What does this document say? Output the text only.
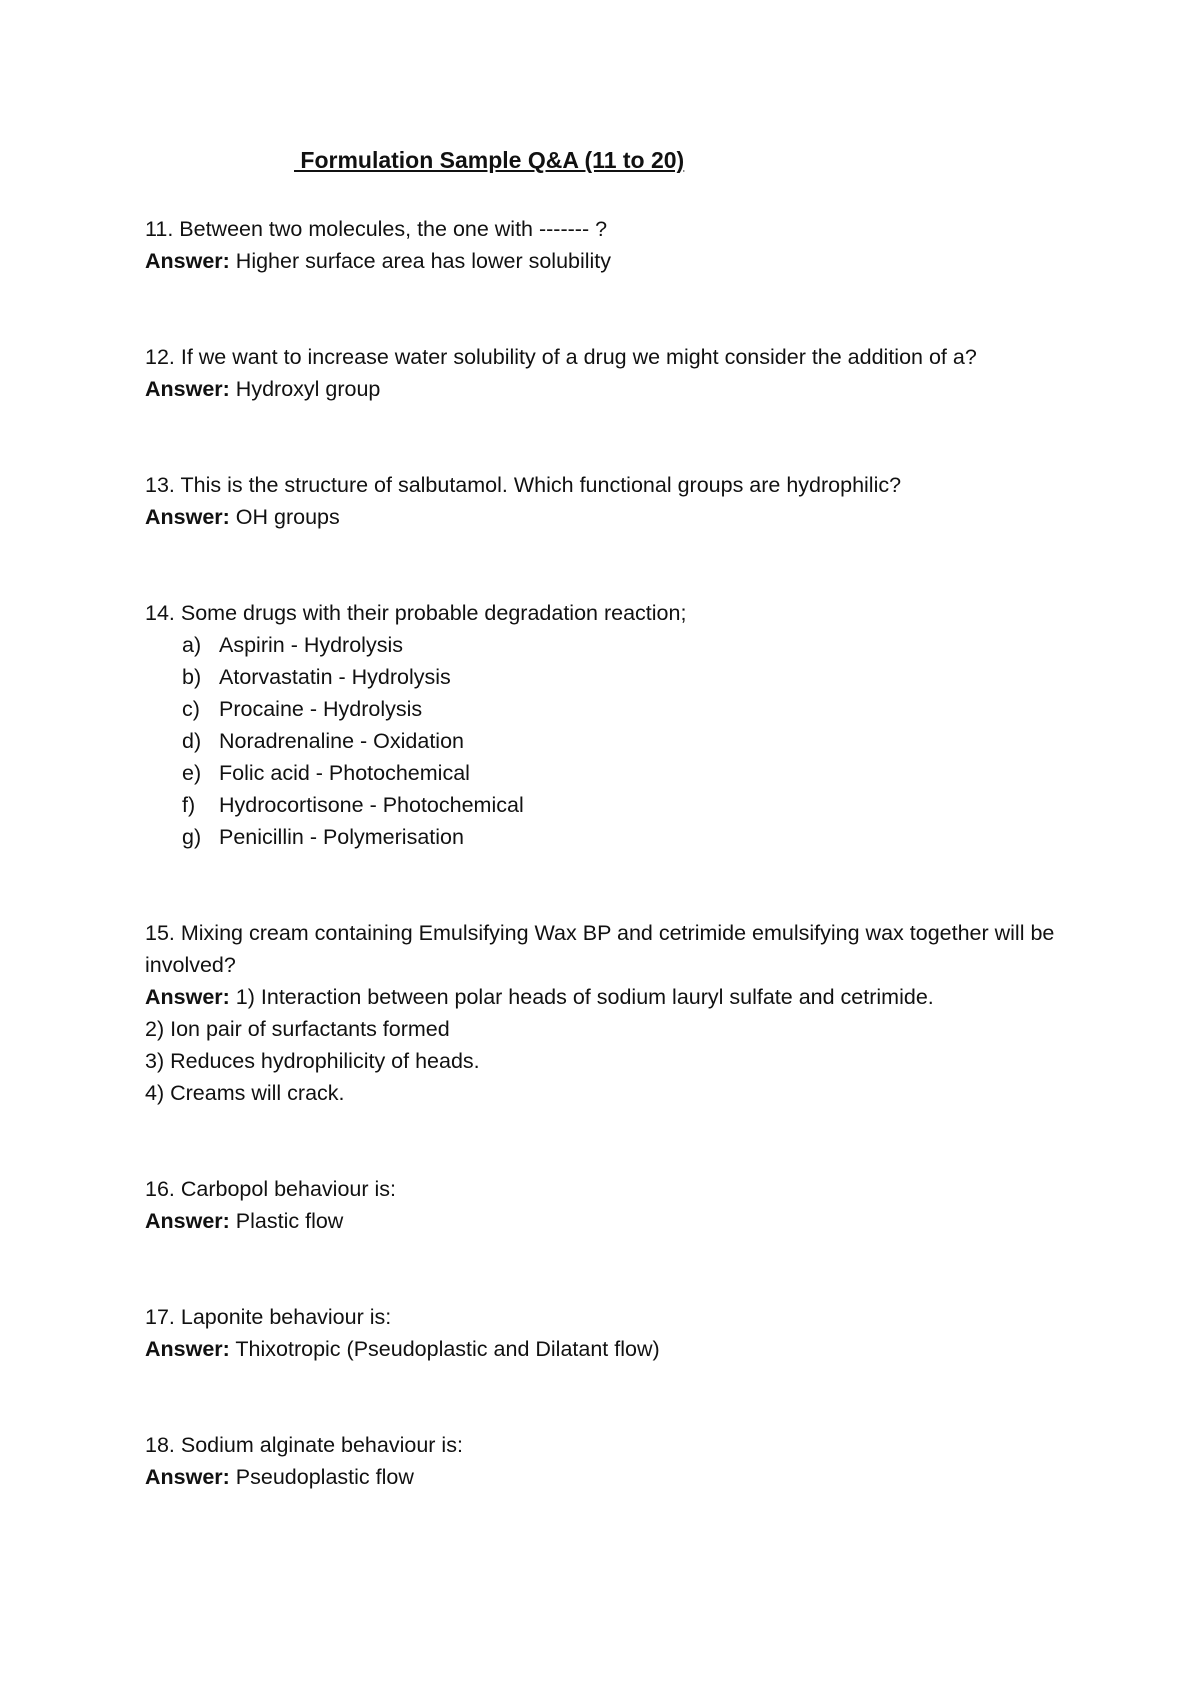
Formulation Sample Q&A (11 to 20)

11. Between two molecules, the one with ------- ?

Answer: Higher surface area has lower solubility

12. If we want to increase water solubility of a drug we might consider the addition of a?

Answer: Hydroxyl group

13. This is the structure of salbutamol. Which functional groups are hydrophilic?

Answer: OH groups

14. Some drugs with their probable degradation reaction;

a) Aspirin - Hydrolysis
b) Atorvastatin - Hydrolysis
c) Procaine - Hydrolysis
d) Noradrenaline - Oxidation
e) Folic acid - Photochemical
f)	Hydrocortisone - Photochemical
g) Penicillin - Polymerisation

15. Mixing cream containing Emulsifying Wax BP and cetrimide emulsifying wax together will be involved?

Answer: 1) Interaction between polar heads of sodium lauryl sulfate and cetrimide.

2) Ion pair of surfactants formed

3) Reduces hydrophilicity of heads.

4) Creams will crack.

16. Carbopol behaviour is:

Answer: Plastic flow

17. Laponite behaviour is:

Answer: Thixotropic (Pseudoplastic and Dilatant flow)

18. Sodium alginate behaviour is:

Answer: Pseudoplastic flow
